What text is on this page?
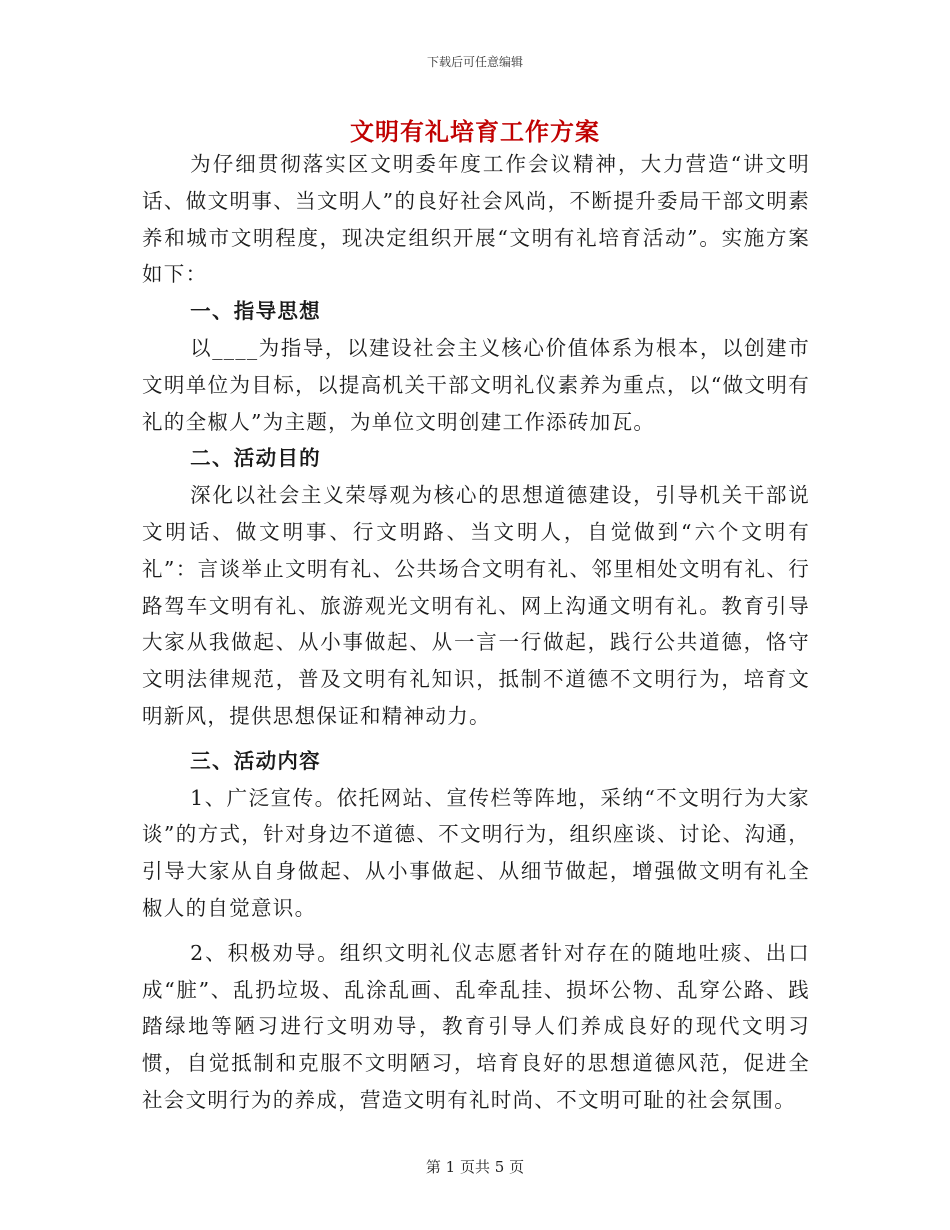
下载后可任意编辑
文明有礼培育工作方案

为仔细贯彻落实区文明委年度工作会议精神，大力营造“讲文明话、做文明事、当文明人”的良好社会风尚，不断提升委局干部文明素养和城市文明程度，现决定组织开展“文明有礼培育活动”。实施方案如下：

一、指导思想

以____为指导，以建设社会主义核心价值体系为根本，以创建市文明单位为目标，以提高机关干部文明礼仪素养为重点，以“做文明有礼的全椒人”为主题，为单位文明创建工作添砖加瓦。

二、活动目的

深化以社会主义荣辱观为核心的思想道德建设，引导机关干部说文明话、做文明事、行文明路、当文明人，自觉做到“六个文明有礼”：言谈举止文明有礼、公共场合文明有礼、邻里相处文明有礼、行路驾车文明有礼、旅游观光文明有礼、网上沟通文明有礼。教育引导大家从我做起、从小事做起、从一言一行做起，践行公共道德，恪守文明法律规范，普及文明有礼知识，抵制不道德不文明行为，培育文明新风，提供思想保证和精神动力。

三、活动内容

1、广泛宣传。依托网站、宣传栏等阵地，采纳“不文明行为大家谈”的方式，针对身边不道德、不文明行为，组织座谈、讨论、沟通，引导大家从自身做起、从小事做起、从细节做起，增强做文明有礼全椒人的自觉意识。

2、积极劝导。组织文明礼仪志愿者针对存在的随地吐痰、出口成“脏”、乱扔垃圾、乱涂乱画、乱牵乱挂、损坏公物、乱穿公路、践踏绿地等陋习进行文明劝导，教育引导人们养成良好的现代文明习惯，自觉抵制和克服不文明陋习，培育良好的思想道德风范，促进全社会文明行为的养成，营造文明有礼时尚、不文明可耻的社会氛围。

第 1 页共 5 页
